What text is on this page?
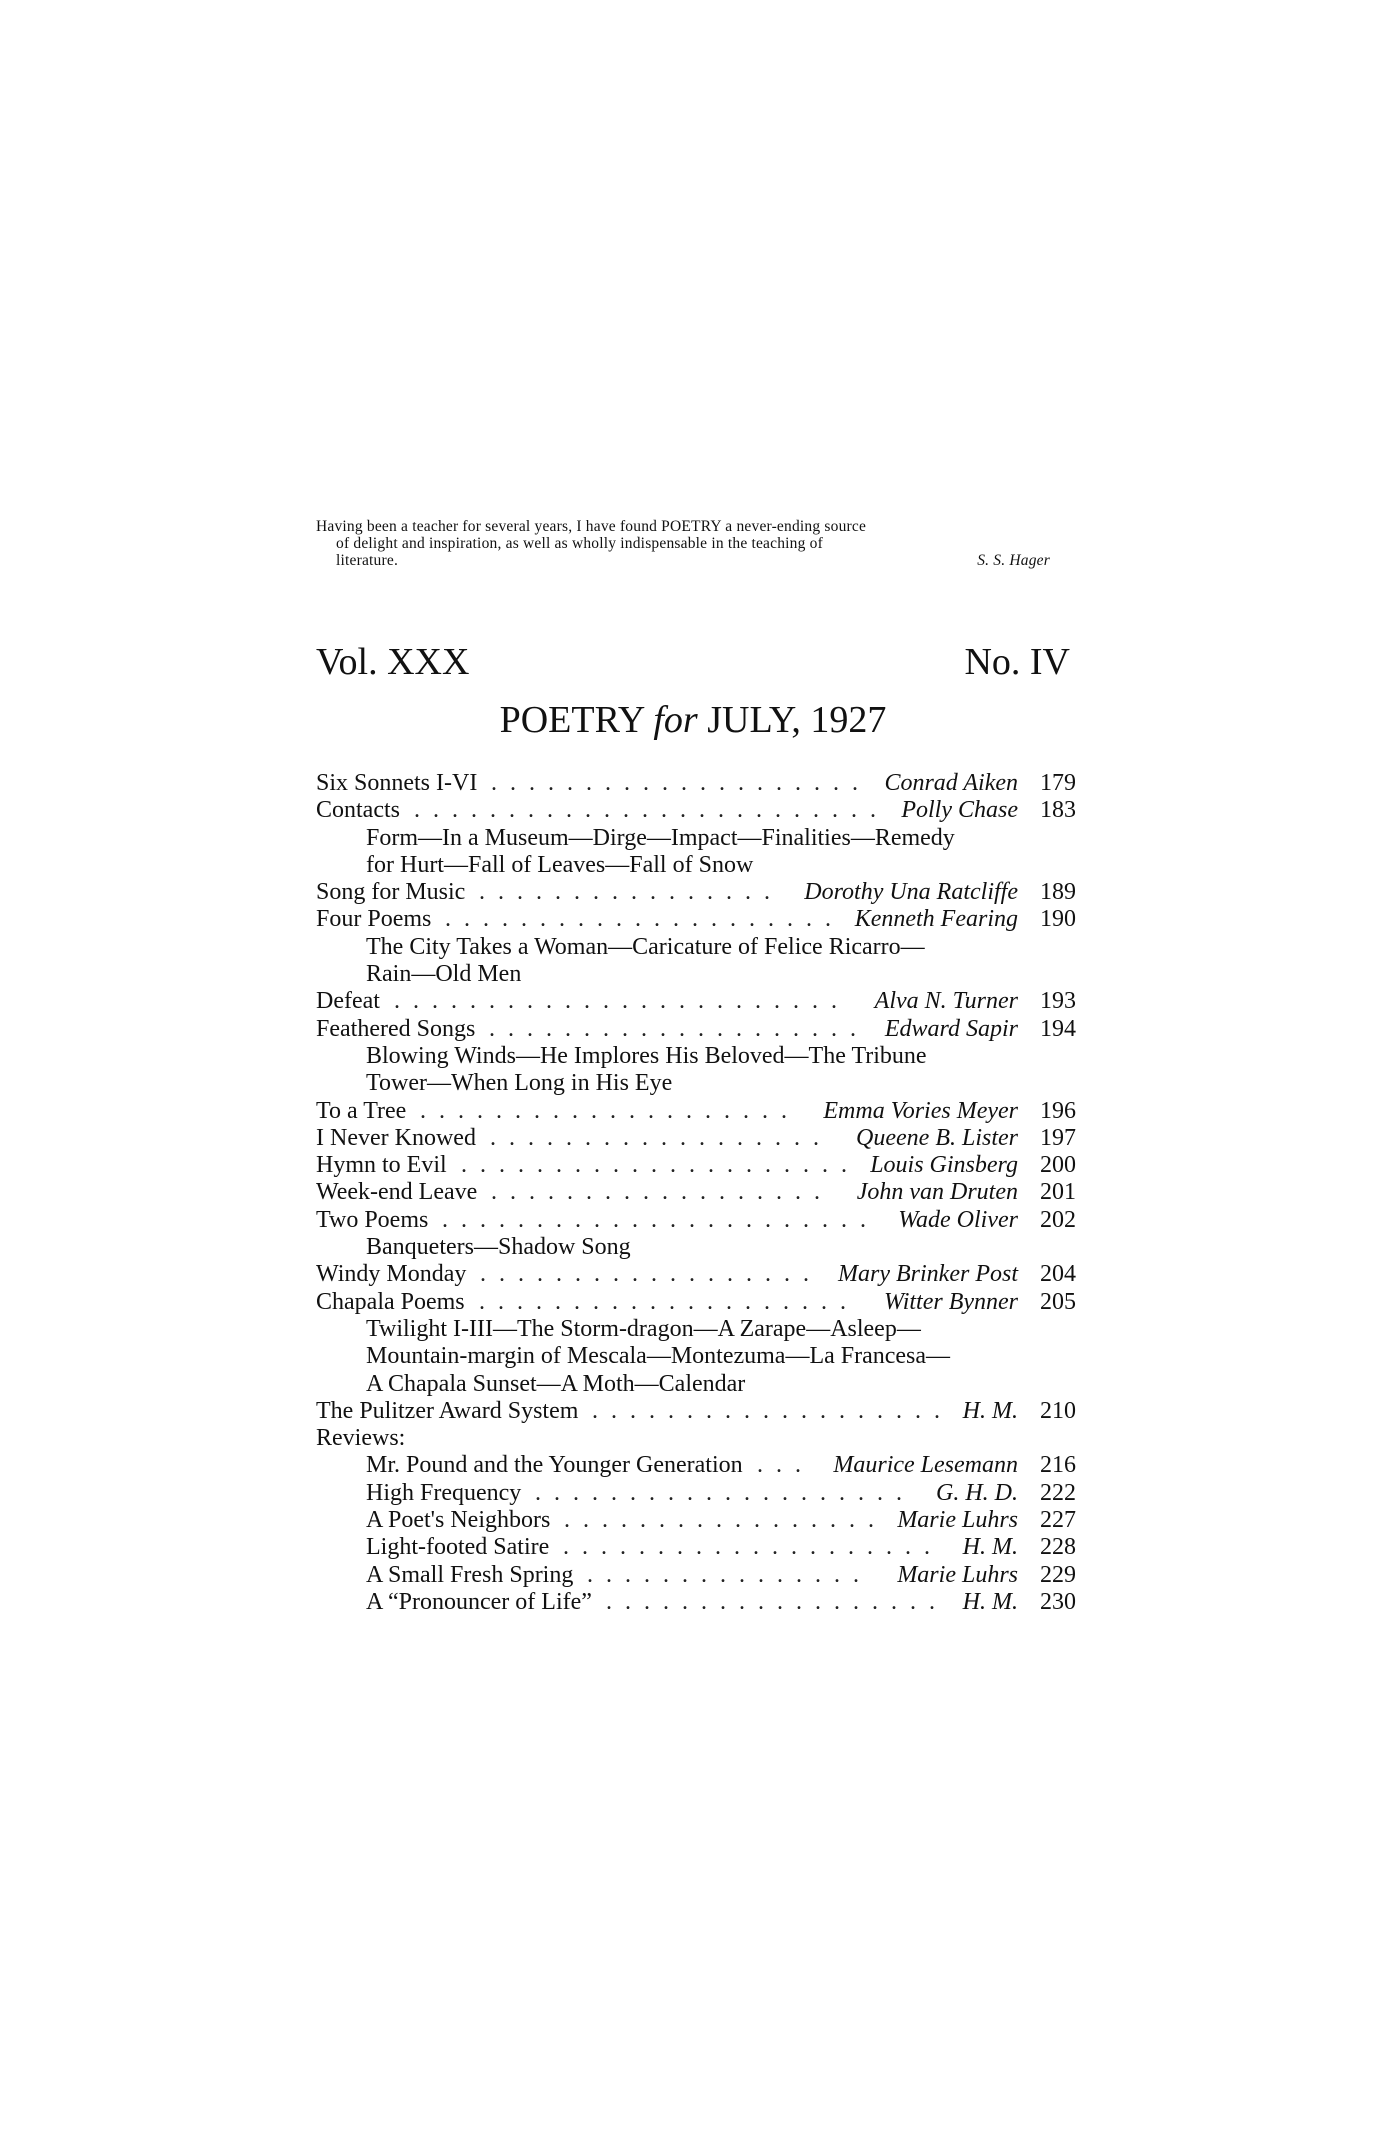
Having been a teacher for several years, I have found POETRY a never-ending source
of delight and inspiration, as well as wholly indispensable in the teaching of
literature.	S. S. Hager
Vol. XXX	No. IV
POETRY for JULY, 1927
Six Sonnets I-VI .................... Conrad Aiken 179
Contacts ......................... Polly Chase 183
Form—In a Museum—Dirge—Impact—Finalities—Remedy
for Hurt—Fall of Leaves—Fall of Snow
Song for Music ................ Dorothy Una Ratcliffe 189
Four Poems ..................... Kenneth Fearing 190
The City Takes a Woman—Caricature of Felice Ricarro—
Rain—Old Men
Defeat ........................ Alva N. Turner 193
Feathered Songs .................... Edward Sapir 194
Blowing Winds—He Implores His Beloved—The Tribune
Tower—When Long in His Eye
To a Tree .................... Emma Vories Meyer 196
I Never Knowed .................. Queene B. Lister 197
Hymn to Evil ..................... Louis Ginsberg 200
Week-end Leave .................. John van Druten 201
Two Poems ....................... Wade Oliver 202
Banqueters—Shadow Song
Windy Monday .................. Mary Brinker Post 204
Chapala Poems .................... Witter Bynner 205
Twilight I-III—The Storm-dragon—A Zarape—Asleep—
Mountain-margin of Mescala—Montezuma—La Francesa—
A Chapala Sunset—A Moth—Calendar
The Pulitzer Award System ................... H. M. 210
Reviews:
Mr. Pound and the Younger Generation ... Maurice Lesemann 216
High Frequency .................... G. H. D. 222
A Poet's Neighbors ................. Marie Luhrs 227
Light-footed Satire .................... H. M. 228
A Small Fresh Spring ............... Marie Luhrs 229
A “Pronouncer of Life” .................. H. M. 230
